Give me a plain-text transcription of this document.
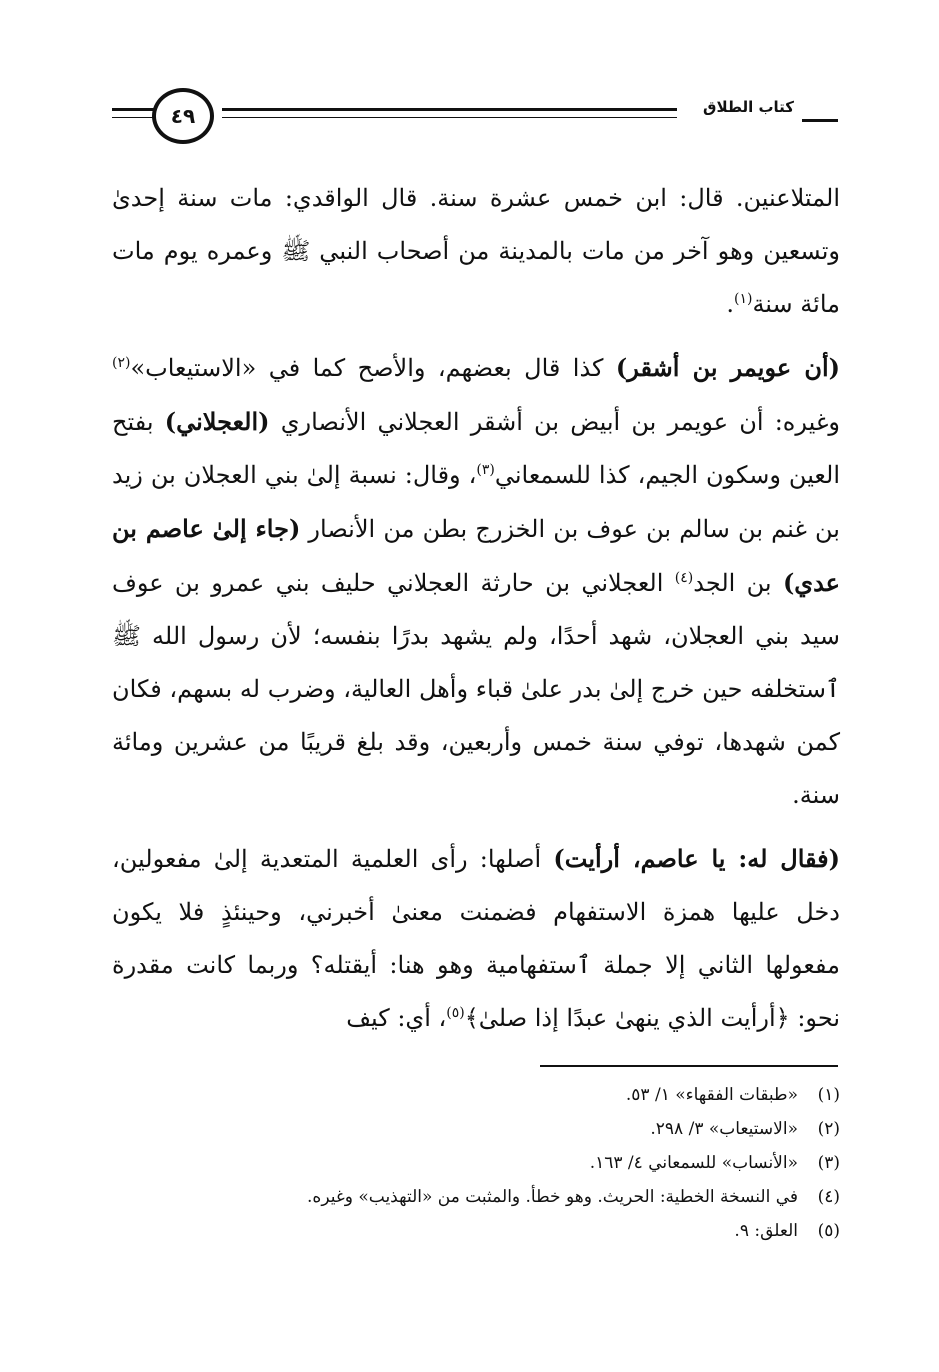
كتاب الطلاق
٤٩

المتلاعنين. قال: ابن خمس عشرة سنة. قال الواقدي: مات سنة إحدىٰ وتسعين وهو آخر من مات بالمدينة من أصحاب النبي ﷺ وعمره يوم مات مائة سنة$^{(١)}$.

(أن عويمر بن أشقر) كذا قال بعضهم، والأصح كما في «الاستيعاب»$^{(٢)}$ وغيره: أن عويمر بن أبيض بن أشقر العجلاني الأنصاري (العجلاني) بفتح العين وسكون الجيم، كذا للسمعاني$^{(٣)}$، وقال: نسبة إلىٰ بني العجلان بن زيد بن غنم بن سالم بن عوف بن الخزرج بطن من الأنصار (جاء إلىٰ عاصم بن عدي) بن الجد$^{(٤)}$ العجلاني بن حارثة العجلاني حليف بني عمرو بن عوف سيد بني العجلان، شهد أحدًا، ولم يشهد بدرًا بنفسه؛ لأن رسول الله ﷺ ٱستخلفه حين خرج إلىٰ بدر علىٰ قباء وأهل العالية، وضرب له بسهم، فكان كمن شهدها، توفي سنة خمس وأربعين، وقد بلغ قريبًا من عشرين ومائة سنة.

(فقال له: يا عاصم، أرأيت) أصلها: رأى العلمية المتعدية إلىٰ مفعولين، دخل عليها همزة الاستفهام فضمنت معنىٰ أخبرني، وحينئذٍ فلا يكون مفعولها الثاني إلا جملة ٱستفهامية وهو هنا: أيقتله؟ وربما كانت مقدرة نحو: ﴿أرأيت الذي ينهىٰ عبدًا إذا صلىٰ﴾$^{(٥)}$، أي: كيف

(١)«طبقات الفقهاء» ١/ ٥٣.
(٢)«الاستيعاب» ٣/ ٢٩٨.
(٣)«الأنساب» للسمعاني ٤/ ١٦٣.
(٤)في النسخة الخطية: الحريث. وهو خطأ. والمثبت من «التهذيب» وغيره.
(٥)العلق: ٩.
